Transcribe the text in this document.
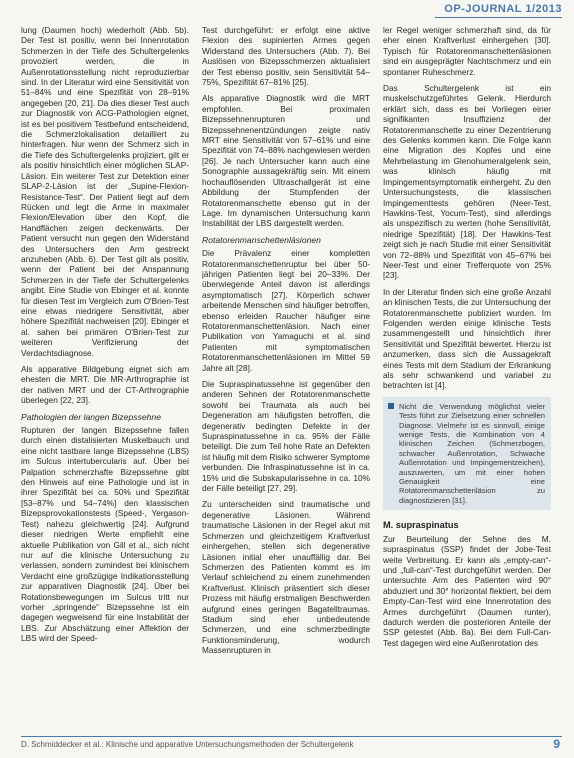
OP-JOURNAL 1/2013

lung (Daumen hoch) wiederholt (Abb. 5b). Der Test ist positiv, wenn bei Innenrotation Schmerzen in der Tiefe des Schultergelenks provoziert werden, die in Außenrotationsstellung nicht reproduzierbar sind. In der Literatur wird eine Sensitivität von 51–84% und eine Spezifität von 28–91% angegeben [20, 21]. Da dies dieser Test auch zur Diagnostik von ACG-Pathologien eignet, ist es bei positivem Testbefund entscheidend, die Schmerzlokalisation detailliert zu hinterfragen. Nur wenn der Schmerz sich in die Tiefe des Schultergelenks projiziert, gilt er als positiv hinsichtlich einer möglichen SLAP-Läsion. Ein weiterer Test zur Detektion einer SLAP-2-Läsion ist der „Supine-Flexion-Resistance-Test“. Der Patient liegt auf dem Rücken und legt die Arme in maximaler Flexion/Elevation über den Kopf, die Handflächen zeigen deckenwärts. Der Patient versucht nun gegen den Widerstand des Untersuchers den Arm gestreckt anzuheben (Abb. 6). Der Test gilt als positiv, wenn der Patient bei der Anspannung Schmerzen in der Tiefe der Schultergelenks angibt. Eine Studie von Ebinger et al. konnte für diesen Test im Vergleich zum O'Brien-Test eine etwas niedrigere Sensitivität, aber höhere Spezifität nachweisen [20]. Ebinger et al. sahen bei primären O'Brien-Test zur weiteren Verifizierung der Verdachtsdiagnose.

Als apparative Bildgebung eignet sich am ehesten die MRT. Die MR-Arthrographie ist der nativen MRT und der CT-Arthrographie überlegen [22, 23].

Pathologien der langen Bizepssehne

Rupturen der langen Bizepssehne fallen durch einen distalisierten Muskelbauch und eine nicht tastbare lange Bizepssehne (LBS) im Sulcus intertubercularis auf. Über bei Palpation schmerzhafte Bizepssehne gibt den Hinweis auf eine Pathologie und ist in ihrer Spezifität bei ca. 50% und Spezifität [53–87% und 54–74%] den klassischen Bizepsprovokationstests (Speed-, Yergason-Test) nahezu gleichwertig [24]. Aufgrund dieser niedrigen Werte empfiehlt eine aktuelle Publikation von Gill et al., sich nicht nur auf die klinische Untersuchung zu verlassen, sondern zumindest bei klinischem Verdacht eine großzügige Indikationsstellung zur apparativen Diagnostik [24]. Über bei Rotationsbewegungen im Sulcus tritt nur vorher „springende“ Bizepssehne ist ein dagegen wegweisend für eine Instabilität der LBS. Zur Abschätzung einer Affektion der LBS wird der Speed-

Test durchgeführt: er erfolgt eine aktive Flexion des supinierten Armes gegen Widerstand des Untersuchers (Abb. 7). Bei Auslösen von Bizepsschmerzen aktualisiert der Test ebenso positiv, sein Sensitivität 54–75%, Spezifität 67–81% [25].

Als apparative Diagnostik wird die MRT empfohlen. Bei proximalen Bizepssehnenrupturen und Bizepssehnenentzündungen zeigte nativ MRT eine Sensitivität von 57–61% und eine Spezifität von 74–88% nachgewiesen werden [26]. Je nach Untersucher kann auch eine Sonographie aussagekräftig sein. Mit einem hochauflösenden Ultraschallgerät ist eine Abbildung der Stumpfenden der Rotatorenmanschette ebenso gut in der Lage. Im dynamischen Untersuchung kann Instabilität der LBS dargestellt werden.

Rotatorenmanschettenläsionen

Die Prävalenz einer kompletten Rotatorenmanschettenruptur bei über 50-jährigen Patienten liegt bei 20–33%. Der überwiegende Anteil davon ist allerdings asymptomatisch [27]. Körperlich schwer arbeitende Menschen sind häufiger betroffen, ebenso erleiden Raucher häufiger eine Rotatorenmanschettenläsion. Nach einer Publikation von Yamaguchi et al. sind Patienten mit symptomatischen Rotatorenmanschettenläsionen im Mittel 59 Jahre alt [28].

Die Supraspinatussehne ist gegenüber den anderen Sehnen der Rotatorenmanschette sowohl bei Traumata als auch bei Degeneration am häufigsten betroffen, die degenerativ bedingten Defekte in der Supraspinatussehne in ca. 95% der Fälle beteiligt. Die zum Teil hohe Rate an Defekten ist häufig mit dem Risiko schwerer Symptome verbunden. Die Infraspinatussehne ist in ca. 15% und die Subskapularissehne in ca. 10% der Fälle beteiligt [27, 29].

Zu unterscheiden sind traumatische und degenerative Läsionen. Während traumatische Läsionen in der Regel akut mit Schmerzen und gleichzeitigem Kraftverlust einhergehen, stellen sich degenerative Läsionen initial eher unauffällig dar. Bei Schmerzen des Patienten kommt es im Verlauf schleichend zu einem zunehmenden Kraftverlust. Klinisch präsentiert sich dieser Prozess mit häufig erstmaligen Beschwerden aufgrund eines geringen Bagatelltraumas. Stadium sind eher unbedeutende Schmerzen, und eine schmerzbedingte Funktionsminderung, wodurch Massenrupturen in

ler Regel weniger schmerzhaft sind, da für eher einen Kraftverlust einhergehen [30]. Typisch für Rotatorenmanschettenläsionen sind ein ausgeprägter Nachtschmerz und ein spontaner Ruheschmerz.

Das Schultergelenk ist ein muskelschutzgeführtes Gelenk. Hierdurch erklärt sich, dass es bei Vorliegen einer signifikanten Insuffizienz der Rotatorenmanschette zu einer Dezentrierung des Gelenks kommen kann. Die Folge kann eine Migration des Kopfes und eine Mehrbelastung im Glenohumeralgelenk sein, was klinisch häufig mit Impingementsymptomatik einhergeht. Zu den Untersuchungstests, die klassischen Impingementtests gehören (Neer-Test, Hawkins-Test, Yocum-Test), sind allerdings als unspezifisch zu werten (hohe Sensitivität, niedrige Spezifität) [18]. Der Hawkins-Test zeigt sich je nach Studie mit einer Sensitivität von 72–88% und Spezifität von 45–67% bei Neer-Test und einer Trefferquote von 25% [23].

In der Literatur finden sich eine große Anzahl an klinischen Tests, die zur Untersuchung der Rotatorenmanschette publiziert wurden. Im Folgenden werden einige klinische Tests zusammengestellt und hinsichtlich ihrer Sensitivität und Spezifität bewertet. Hierzu ist anzumerken, dass sich die Aussagekraft eines Tests mit dem Stadium der Erkrankung als sehr schwankend und variabel zu betrachten ist [4].

Nicht die Verwendung möglichst vieler Tests führt zur Zielsetzung einer schnellen Diagnose. Vielmehr ist es sinnvoll, einige wenige Tests, die Kombination von 4 klinischen Zeichen (Schmerzbogen, schwacher Außenrotation, Schwache Außenrotation und Impingementzeichen), auszuwerten, um mit einer hohen Genauigkeit eine Rotatorenmanschettenläsion zu diagnostizieren [31].
M. supraspinatus

Zur Beurteilung der Sehne des M. supraspinatus (SSP) findet der Jobe-Test weite Verbreitung. Er kann als „empty-can“- und „full-can“-Test durchgeführt werden. Der untersuchte Arm des Patienten wird 90° abduziert und 30° horizontal flektiert, bei dem Empty-Can-Test wird eine Innenrotation des Armes durchgeführt (Daumen runter), dadurch werden die posterioren Anteile der SSP getestet (Abb. 8a). Bei dem Full-Can-Test dagegen wird eine Außenrotation des

D. Schmiddecker et al.: Klinische und apparative Untersuchungsmethoden der Schultergelenk	9
